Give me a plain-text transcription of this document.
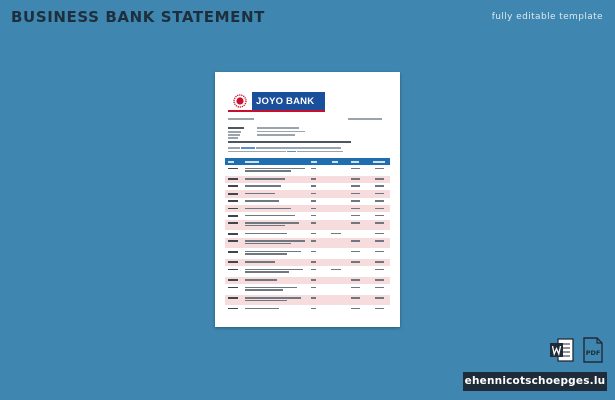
BUSINESS BANK STATEMENT	fully editable template
JOYO BANK
PDF
ehennicotschoepges.lu
